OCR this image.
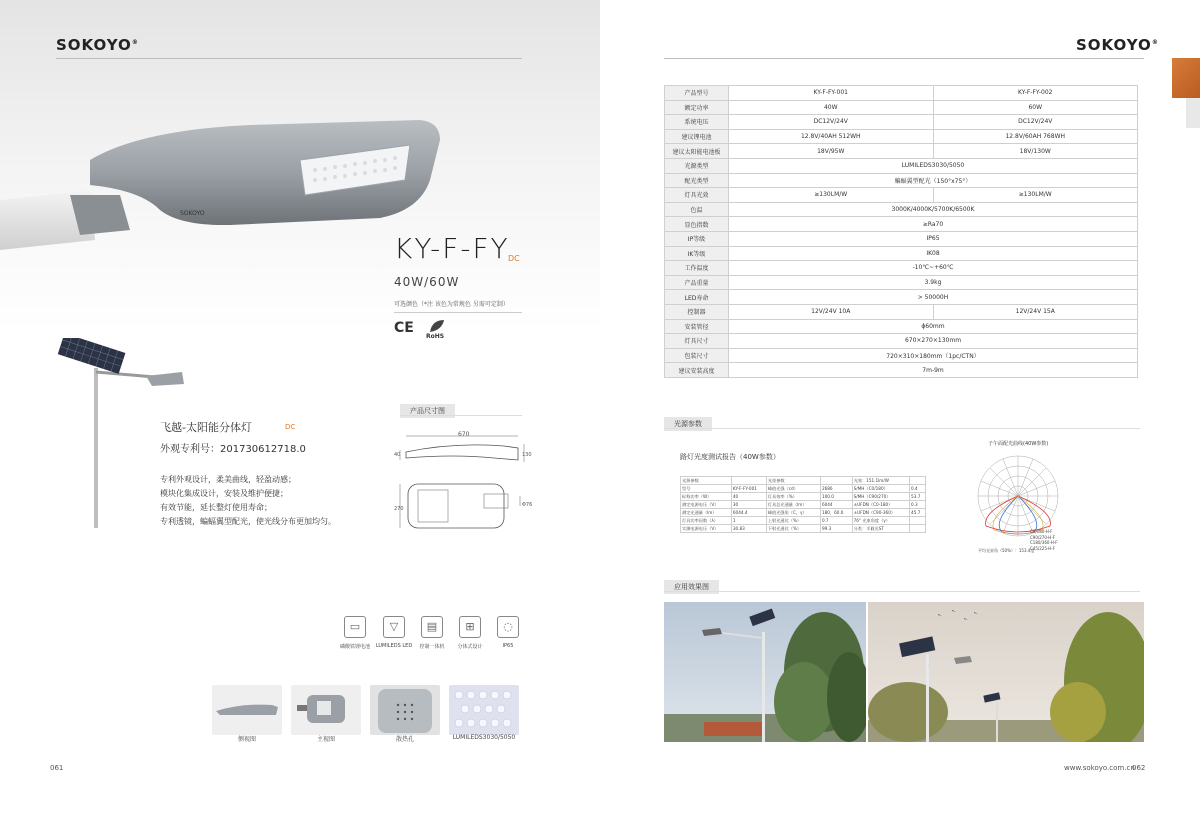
SOKOYO®
SOKOYO
KY-F-FY
DC
40W/60W
可选颜色（*注 该色为常规色 另需可定制）
CE
RoHS
飞越-太阳能分体灯	DC
外观专利号：201730612718.0
专利外观设计，柔美曲线，轻盈动感；
模块化集成设计，安装及维护便捷；
有效节能，延长整灯使用寿命；
专利透镜，蝙蝠翼型配光，使光线分布更加均匀。
产品尺寸图
670
130
40
270
Φ76
▭	▽	▤	⊞	◌
磷酸铁锂电池	LUMILEDS LED	控制一体机	分体式设计	IP65
侧视图	主视图	散热孔	LUMILEDS3030/5050
061
SOKOYO®
产品型号	KY-F-FY-001	KY-F-FY-002
额定功率	40W	60W
系统电压	DC12V/24V	DC12V/24V
建议锂电池	12.8V/40AH 512WH	12.8V/60AH 768WH
建议太阳能电池板	18V/95W	18V/130W
光源类型	LUMILEDS3030/5050	
配光类型	蝙蝠翼型配光（150°x75°）	
灯具光效	≥130LM/W	≥130LM/W
色温	3000K/4000K/5700K/6500K	
显色指数	≥Ra70	
IP等级	IP65	
IK等级	IK08	
工作温度	-10℃~+60℃	
产品重量	3.9kg	
LED寿命	> 50000H	
控制器	12V/24V 10A	12V/24V 15A
安装管径	ϕ60mm	
灯具尺寸	670×270×130mm	
包装尺寸	720×310×180mm（1pc/CTN）	
建议安装高度	7m-9m	
光源参数
路灯光度测试报告（40W参数）
光源参数		光束参数		光效：151.1lm/W	
型号	KY-F-FY-001	峰值光强（cd）	2686	S/MH（C0/180）	0.4
标称功率（W）	40	灯具效率（%）	100.0	S/MH（C90/270）	53.7
测定电源电压（V）	30	灯具总光通量（lm）	6044	±UFDN（C0-180）	0.3
测定光通量（lm）	6044.4	峰值光强角（C，γ）	180，60.0	±UFDN（C90-360）	45.7
灯具功率因数（λ）	1	上射光通比（%）	0.7	76° 光束角度（γ）	
实测电源电压（V）	30.83	下射光通比（%）	99.3	分类：半截光ST	
子午面配光曲线(40W参数)
C0/180-H-F
C90/270-H-F
C180/360-H-F
C45/225-H-F
平均光束角（50%）：153.4度
应用效果图
www.sokoyo.com.cn
062
